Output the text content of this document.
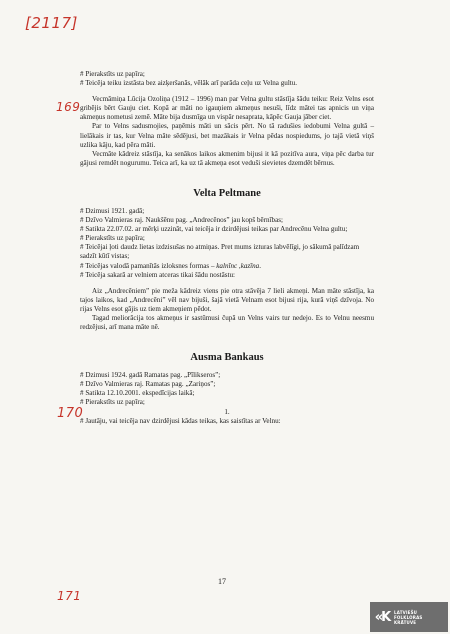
[2117]
169
170
171

# Pierakstīts uz papīra;

# Teicēja teiku izstāsta bez aizķeršanās, vēlāk arī parāda ceļu uz Velna gultu.

Vecmāmiņa Lūcija Ozoliņa (1912 – 1996) man par Velna gultu stāstīja šādu teiku: Reiz Velns esot gribējis bērt Gauju ciet. Kopā ar māti no igauņiem akmeņus nesuši, līdz mātei tas apnicis un viņa akmeņus nometusi zemē. Māte bija dusmīga un vispār nesaprata, kāpēc Gauja jāber ciet.

Par to Velns sadusmojies, paņēmis māti un sācis pērt. No tā radušies iedobumi Velna gultā – lielākais ir tas, kur Velna māte sēdējusi, bet mazākais ir Velna pēdas nospiedums, jo tajā vietā viņš uzlika kāju, kad pēra māti.

Vecmāte kādreiz stāstīja, ka senākos laikos akmenim bijusi it kā pozitīva aura, viņa pēc darba tur gājusi remdēt nogurumu. Teica arī, ka uz tā akmeņa esot veduši sievietes dzemdēt bērnus.

Velta Peltmane

# Dzimusi 1921. gadā;

# Dzīvo Valmieras raj. Naukšēnu pag. „Andrecēnos” jau kopš bērnības;

# Satikta 22.07.02. ar mērķi uzzināt, vai teicēja ir dzirdējusi teikas par Andrecēnu Velna gultu;

# Pierakstīts uz papīra;

# Teicējai ļoti daudz lietas izdzisušas no atmiņas. Pret mums izturas labvēlīgi, jo sākumā palīdzam sadzīt kūtī vistas;

# Teicējas valodā pamanītās izloksnes formas – kalnīnc ,kazīna.

# Teicēja sakarā ar velniem atceras tikai šādu nostāstu:

Aiz „Andrecēniem” pie meža kādreiz viens pie otra stāvēja 7 lieli akmeņi. Man māte stāstīja, ka tajos laikos, kad „Andrecēni” vēl nav bijuši, šajā vietā Velnam esot bijusi rija, kurā viņš dzīvoja. No rijas Velns esot gājis uz tiem akmeņiem pēdot.

Tagad meliorācija tos akmeņus ir sastūmusi čupā un Velns vairs tur nedejo. Es to Velnu neesmu redzējusi, arī mana māte nē.

Ausma Bankaus

# Dzimusi 1924. gadā Ramatas pag. „Pīlikseros”;

# Dzīvo Valmieras raj. Ramatas pag. „Zariņos”;

# Satikta 12.10.2001. ekspedīcijas laikā;

# Pierakstīts uz papīra;

1.

# Jautāju, vai teicēja nav dzirdējusi kādas teikas, kas saistītas ar Velnu:

17
«K	LATVIEŠU
FOLKLORAS
KRĀTUVE
